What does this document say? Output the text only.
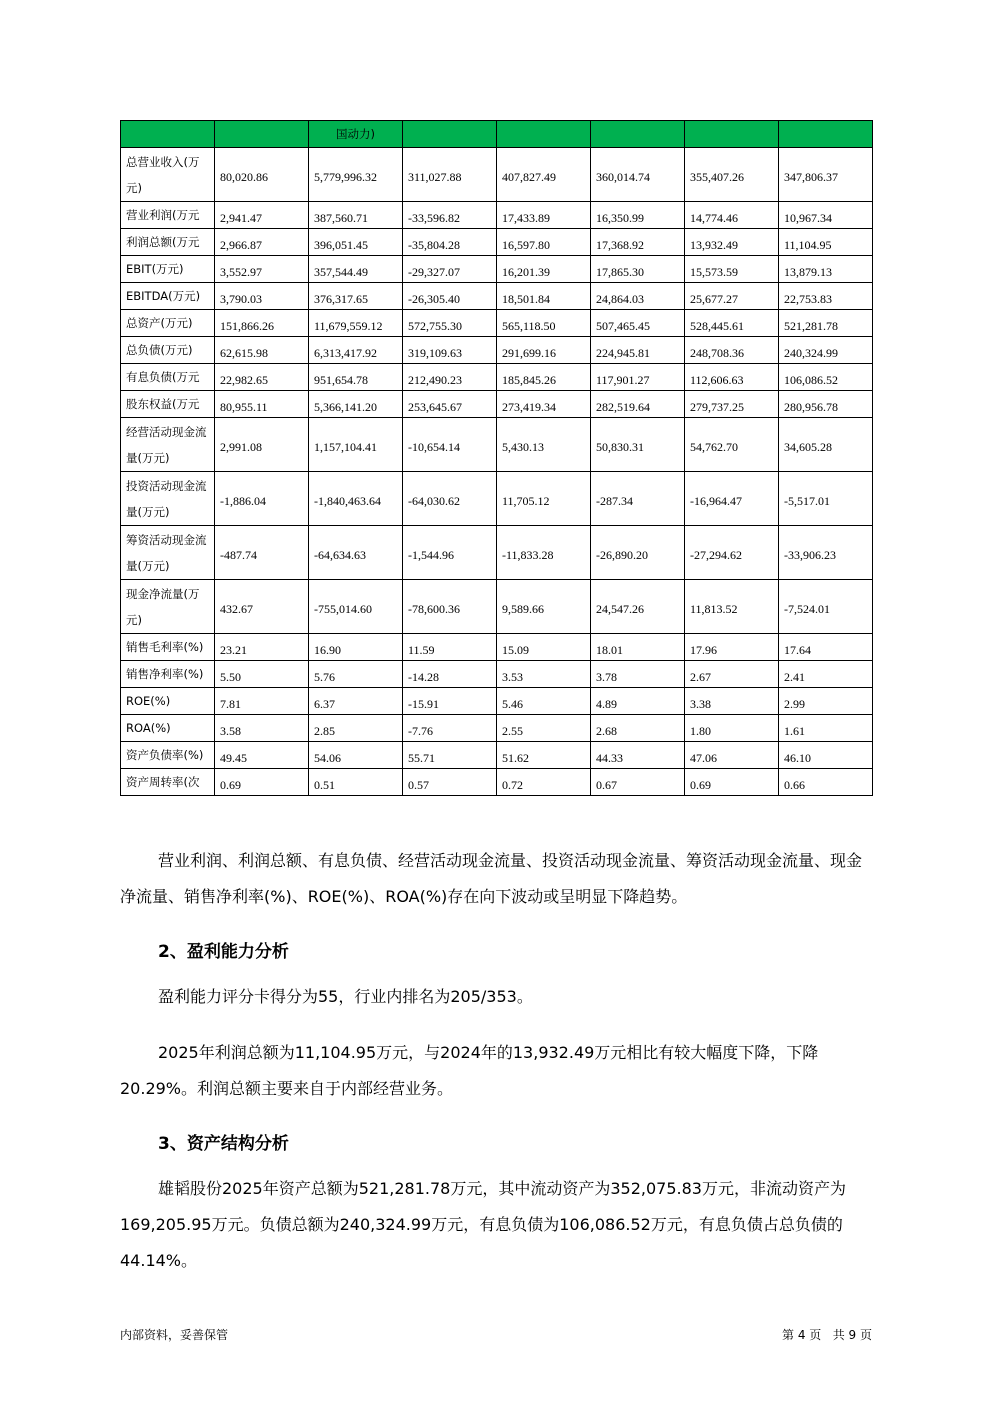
		国动力)					
总营业收入(万元)	80,020.86	5,779,996.32	311,027.88	407,827.49	360,014.74	355,407.26	347,806.37
营业利润(万元	2,941.47	387,560.71	-33,596.82	17,433.89	16,350.99	14,774.46	10,967.34
利润总额(万元	2,966.87	396,051.45	-35,804.28	16,597.80	17,368.92	13,932.49	11,104.95
EBIT(万元)	3,552.97	357,544.49	-29,327.07	16,201.39	17,865.30	15,573.59	13,879.13
EBITDA(万元)	3,790.03	376,317.65	-26,305.40	18,501.84	24,864.03	25,677.27	22,753.83
总资产(万元)	151,866.26	11,679,559.12	572,755.30	565,118.50	507,465.45	528,445.61	521,281.78
总负债(万元)	62,615.98	6,313,417.92	319,109.63	291,699.16	224,945.81	248,708.36	240,324.99
有息负债(万元	22,982.65	951,654.78	212,490.23	185,845.26	117,901.27	112,606.63	106,086.52
股东权益(万元	80,955.11	5,366,141.20	253,645.67	273,419.34	282,519.64	279,737.25	280,956.78
经营活动现金流量(万元)	2,991.08	1,157,104.41	-10,654.14	5,430.13	50,830.31	54,762.70	34,605.28
投资活动现金流量(万元)	-1,886.04	-1,840,463.64	-64,030.62	11,705.12	-287.34	-16,964.47	-5,517.01
筹资活动现金流量(万元)	-487.74	-64,634.63	-1,544.96	-11,833.28	-26,890.20	-27,294.62	-33,906.23
现金净流量(万元)	432.67	-755,014.60	-78,600.36	9,589.66	24,547.26	11,813.52	-7,524.01
销售毛利率(%)	23.21	16.90	11.59	15.09	18.01	17.96	17.64
销售净利率(%)	5.50	5.76	-14.28	3.53	3.78	2.67	2.41
ROE(%)	7.81	6.37	-15.91	5.46	4.89	3.38	2.99
ROA(%)	3.58	2.85	-7.76	2.55	2.68	1.80	1.61
资产负债率(%)	49.45	54.06	55.71	51.62	44.33	47.06	46.10
资产周转率(次	0.69	0.51	0.57	0.72	0.67	0.69	0.66

营业利润、利润总额、有息负债、经营活动现金流量、投资活动现金流量、筹资活动现金流量、现金净流量、销售净利率(%)、ROE(%)、ROA(%)存在向下波动或呈明显下降趋势。

2、盈利能力分析

盈利能力评分卡得分为55，行业内排名为205/353。

2025年利润总额为11,104.95万元，与2024年的13,932.49万元相比有较大幅度下降，下降20.29%。利润总额主要来自于内部经营业务。

3、资产结构分析

雄韬股份2025年资产总额为521,281.78万元，其中流动资产为352,075.83万元，非流动资产为169,205.95万元。负债总额为240,324.99万元，有息负债为106,086.52万元，有息负债占总负债的44.14%。

内部资料，妥善保管	第 4 页   共 9 页
